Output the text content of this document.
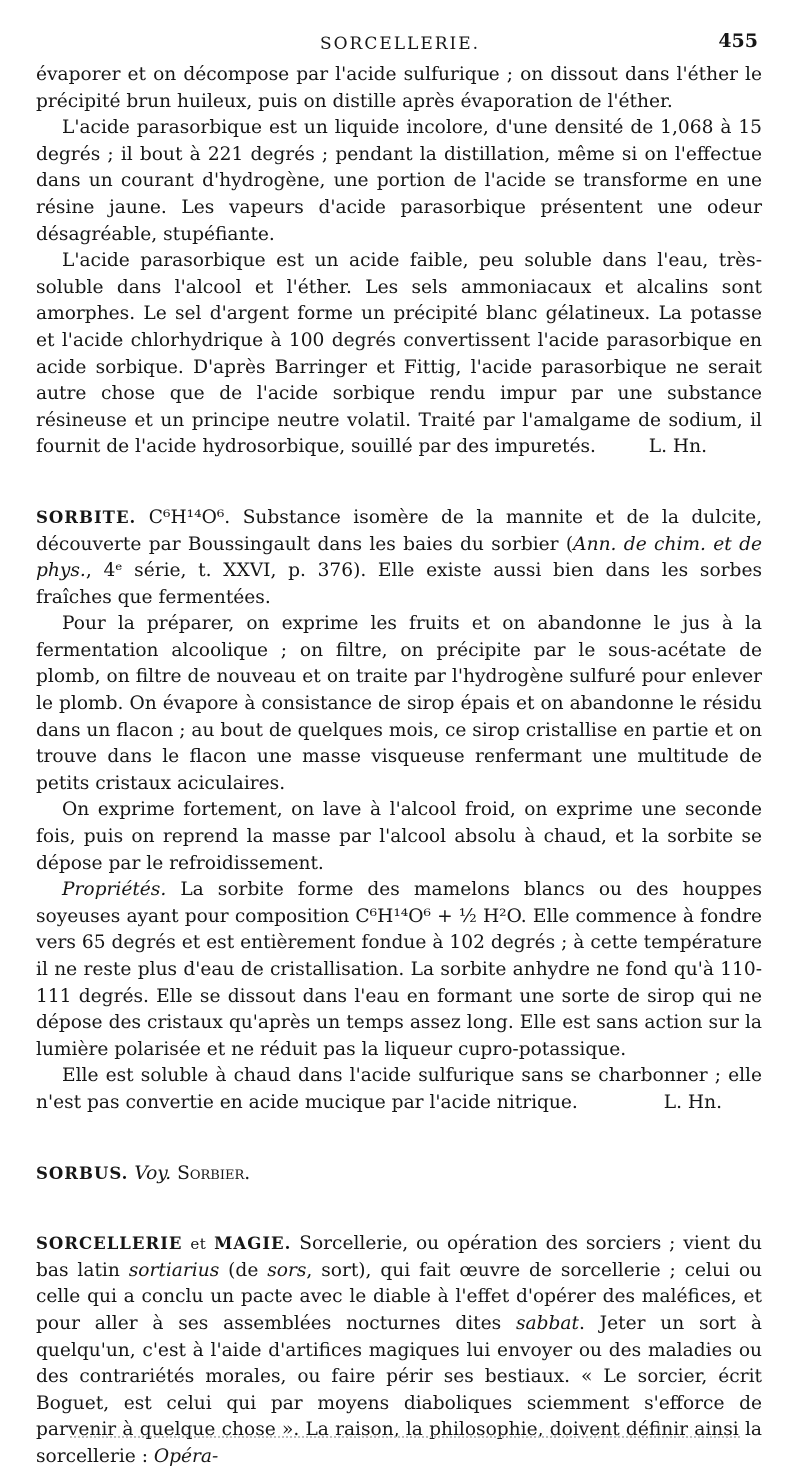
SORCELLERIE.	455

évaporer et on décompose par l'acide sulfurique ; on dissout dans l'éther le précipité brun huileux, puis on distille après évaporation de l'éther.

L'acide parasorbique est un liquide incolore, d'une densité de 1,068 à 15 degrés ; il bout à 221 degrés ; pendant la distillation, même si on l'effectue dans un courant d'hydrogène, une portion de l'acide se transforme en une résine jaune. Les vapeurs d'acide parasorbique présentent une odeur désagréable, stupéfiante.

L'acide parasorbique est un acide faible, peu soluble dans l'eau, très-soluble dans l'alcool et l'éther. Les sels ammoniacaux et alcalins sont amorphes. Le sel d'argent forme un précipité blanc gélatineux. La potasse et l'acide chlorhydrique à 100 degrés convertissent l'acide parasorbique en acide sorbique. D'après Barringer et Fittig, l'acide parasorbique ne serait autre chose que de l'acide sorbique rendu impur par une substance résineuse et un principe neutre volatil. Traité par l'amalgame de sodium, il fournit de l'acide hydrosorbique, souillé par des impuretés.	L. Hn.

SORBITE. C⁶H¹⁴O⁶. Substance isomère de la mannite et de la dulcite, découverte par Boussingault dans les baies du sorbier (Ann. de chim. et de phys., 4ᵉ série, t. XXVI, p. 376). Elle existe aussi bien dans les sorbes fraîches que fermentées.

Pour la préparer, on exprime les fruits et on abandonne le jus à la fermentation alcoolique ; on filtre, on précipite par le sous-acétate de plomb, on filtre de nouveau et on traite par l'hydrogène sulfuré pour enlever le plomb. On évapore à consistance de sirop épais et on abandonne le résidu dans un flacon ; au bout de quelques mois, ce sirop cristallise en partie et on trouve dans le flacon une masse visqueuse renfermant une multitude de petits cristaux aciculaires.

On exprime fortement, on lave à l'alcool froid, on exprime une seconde fois, puis on reprend la masse par l'alcool absolu à chaud, et la sorbite se dépose par le refroidissement.

Propriétés. La sorbite forme des mamelons blancs ou des houppes soyeuses ayant pour composition C⁶H¹⁴O⁶ + ½ H²O. Elle commence à fondre vers 65 degrés et est entièrement fondue à 102 degrés ; à cette température il ne reste plus d'eau de cristallisation. La sorbite anhydre ne fond qu'à 110-111 degrés. Elle se dissout dans l'eau en formant une sorte de sirop qui ne dépose des cristaux qu'après un temps assez long. Elle est sans action sur la lumière polarisée et ne réduit pas la liqueur cupro-potassique.

Elle est soluble à chaud dans l'acide sulfurique sans se charbonner ; elle n'est pas convertie en acide mucique par l'acide nitrique.	L. Hn.

SORBUS. Voy. Sorbier.

SORCELLERIE et MAGIE. Sorcellerie, ou opération des sorciers ; vient du bas latin sortiarius (de sors, sort), qui fait œuvre de sorcellerie ; celui ou celle qui a conclu un pacte avec le diable à l'effet d'opérer des maléfices, et pour aller à ses assemblées nocturnes dites sabbat. Jeter un sort à quelqu'un, c'est à l'aide d'artifices magiques lui envoyer ou des maladies ou des contrariétés morales, ou faire périr ses bestiaux. « Le sorcier, écrit Boguet, est celui qui par moyens diaboliques sciemment s'efforce de parvenir à quelque chose ». La raison, la philosophie, doivent définir ainsi la sorcellerie : Opéra-
